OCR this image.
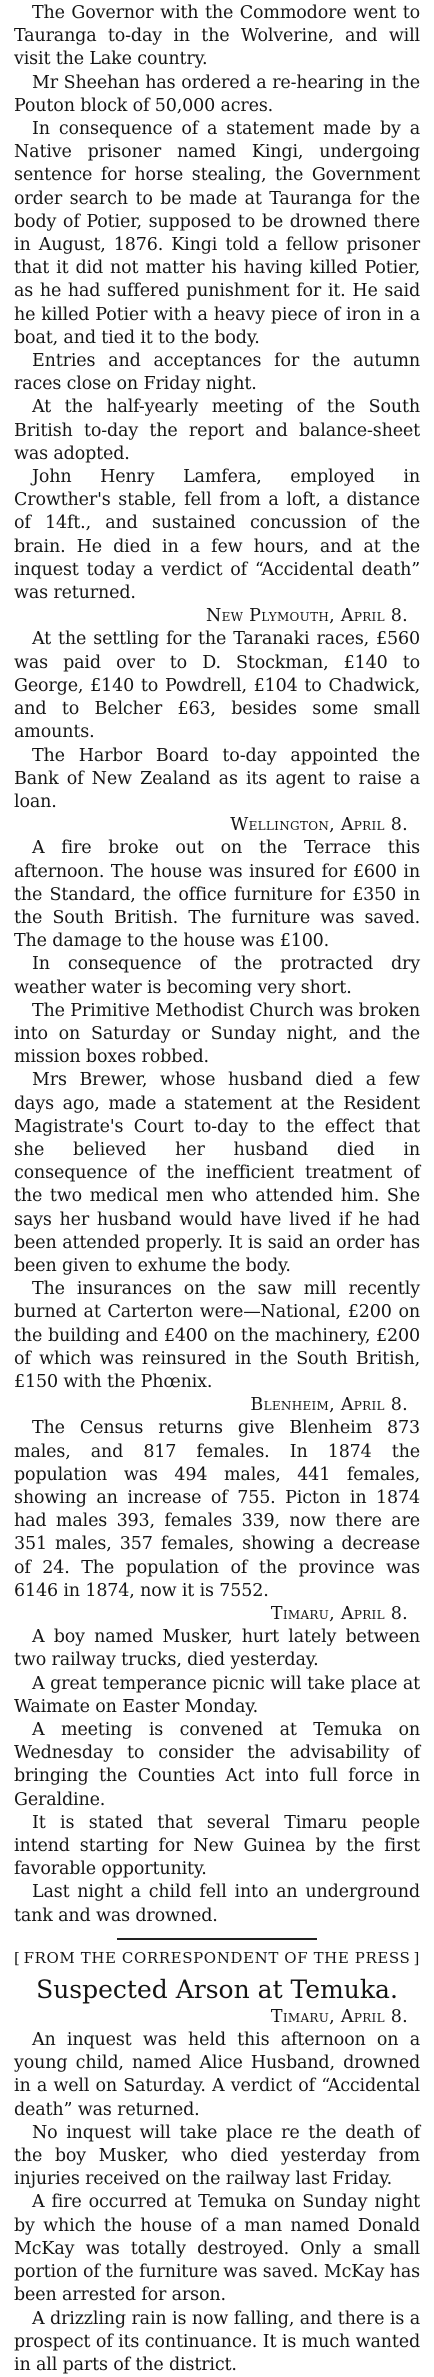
The Governor with the Commodore went to Tauranga to-day in the Wolverine, and will visit the Lake country.

Mr Sheehan has ordered a re-hearing in the Pouton block of 50,000 acres.

In consequence of a statement made by a Native prisoner named Kingi, undergoing sentence for horse stealing, the Government order search to be made at Tauranga for the body of Potier, supposed to be drowned there in August, 1876. Kingi told a fellow prisoner that it did not matter his having killed Potier, as he had suffered punishment for it. He said he killed Potier with a heavy piece of iron in a boat, and tied it to the body.

Entries and acceptances for the autumn races close on Friday night.

At the half-yearly meeting of the South British to-day the report and balance-sheet was adopted.

John Henry Lamfera, employed in Crowther's stable, fell from a loft, a distance of 14ft., and sustained concussion of the brain. He died in a few hours, and at the inquest today a verdict of “Accidental death” was returned.

New Plymouth, April 8.

At the settling for the Taranaki races, £560 was paid over to D. Stockman, £140 to George, £140 to Powdrell, £104 to Chadwick, and to Belcher £63, besides some small amounts.

The Harbor Board to-day appointed the Bank of New Zealand as its agent to raise a loan.

Wellington, April 8.

A fire broke out on the Terrace this afternoon. The house was insured for £600 in the Standard, the office furniture for £350 in the South British. The furniture was saved. The damage to the house was £100.

In consequence of the protracted dry weather water is becoming very short.

The Primitive Methodist Church was broken into on Saturday or Sunday night, and the mission boxes robbed.

Mrs Brewer, whose husband died a few days ago, made a statement at the Resident Magistrate's Court to-day to the effect that she believed her husband died in consequence of the inefficient treatment of the two medical men who attended him. She says her husband would have lived if he had been attended properly. It is said an order has been given to exhume the body.

The insurances on the saw mill recently burned at Carterton were—National, £200 on the building and £400 on the machinery, £200 of which was reinsured in the South British, £150 with the Phœnix.

Blenheim, April 8.

The Census returns give Blenheim 873 males, and 817 females. In 1874 the population was 494 males, 441 females, showing an increase of 755. Picton in 1874 had males 393, females 339, now there are 351 males, 357 females, showing a decrease of 24. The population of the province was 6146 in 1874, now it is 7552.

Timaru, April 8.

A boy named Musker, hurt lately between two railway trucks, died yesterday.

A great temperance picnic will take place at Waimate on Easter Monday.

A meeting is convened at Temuka on Wednesday to consider the advisability of bringing the Counties Act into full force in Geraldine.

It is stated that several Timaru people intend starting for New Guinea by the first favorable opportunity.

Last night a child fell into an underground tank and was drowned.

[ FROM THE CORRESPONDENT OF THE PRESS ]
Suspected Arson at Temuka.

Timaru, April 8.

An inquest was held this afternoon on a young child, named Alice Husband, drowned in a well on Saturday. A verdict of “Accidental death” was returned.

No inquest will take place re the death of the boy Musker, who died yesterday from injuries received on the railway last Friday.

A fire occurred at Temuka on Sunday night by which the house of a man named Donald McKay was totally destroyed. Only a small portion of the furniture was saved. McKay has been arrested for arson.

A drizzling rain is now falling, and there is a prospect of its continuance. It is much wanted in all parts of the district.
